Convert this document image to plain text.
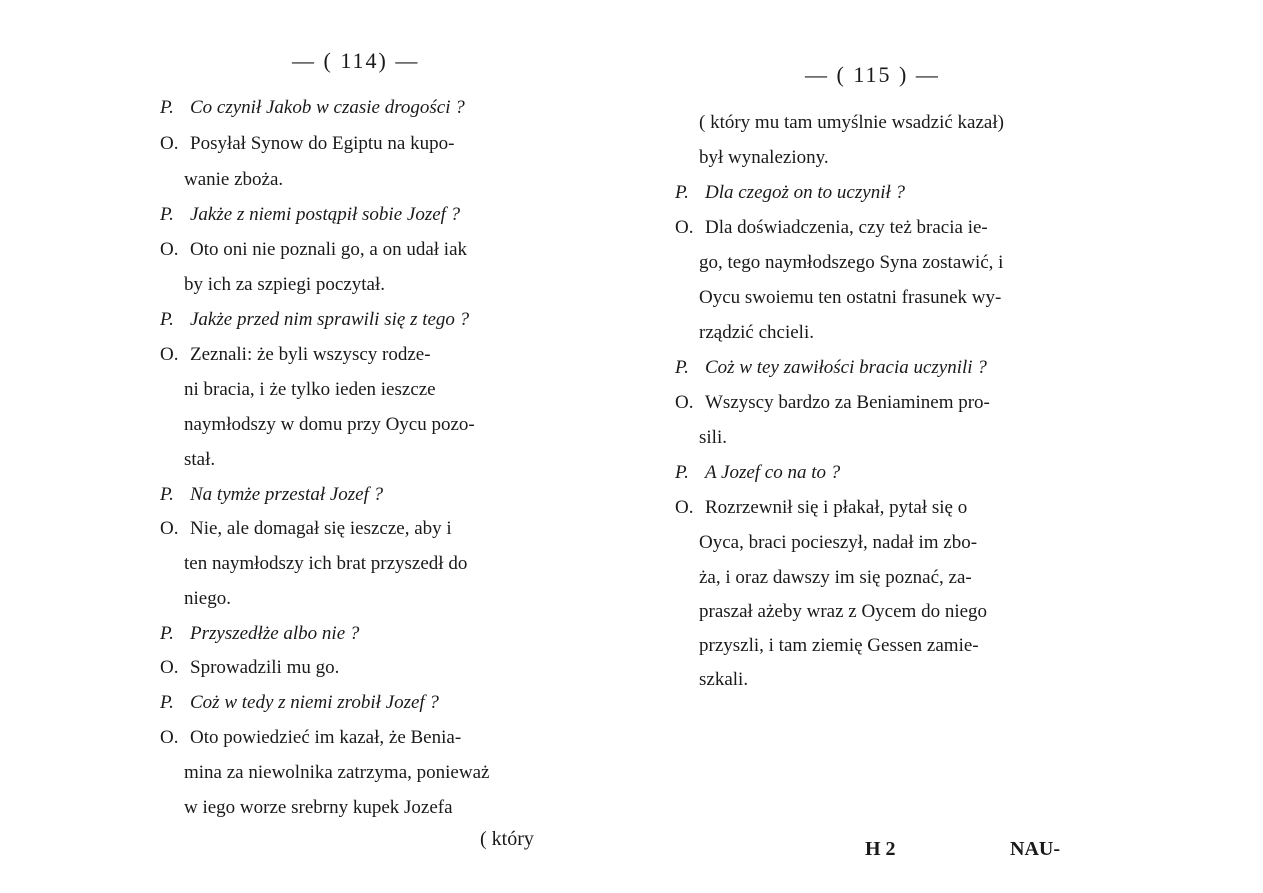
— ( 114) —
P. Co czynił Jakob w czasie drogości ?
O. Posyłał Synow do Egiptu na kupo-
wanie zboża.
P. Jakże z niemi postąpił sobie Jozef ?
O. Oto oni nie poznali go, a on udał iak
by ich za szpiegi poczytał.
P. Jakże przed nim sprawili się z tego ?
O. Zeznali: że byli wszyscy rodze-
ni bracia, i że tylko ieden ieszcze
naymłodszy w domu przy Oycu pozo-
stał.
P. Na tymże przestał Jozef ?
O. Nie, ale domagał się ieszcze, aby i
ten naymłodszy ich brat przyszedł do
niego.
P. Przyszedłże albo nie ?
O. Sprowadzili mu go.
P. Coż w tedy z niemi zrobił Jozef ?
O. Oto powiedzieć im kazał, że Benia-
mina za niewolnika zatrzyma, ponieważ
w iego worze srebrny kupek Jozefa
( który
— ( 115 ) —
( który mu tam umyślnie wsadzić kazał)
był wynaleziony.
P. Dla czegoż on to uczynił ?
O. Dla doświadczenia, czy też bracia ie-
go, tego naymłodszego Syna zostawić, i
Oycu swoiemu ten ostatni frasunek wy-
rządzić chcieli.
P. Coż w tey zawiłości bracia uczynili ?
O. Wszyscy bardzo za Beniaminem pro-
sili.
P. A Jozef co na to ?
O. Rozrzewnił się i płakał, pytał się o
Oyca, braci pocieszył, nadał im zbo-
ża, i oraz dawszy im się poznać, za-
praszał ażeby wraz z Oycem do niego
przyszli, i tam ziemię Gessen zamie-
szkali.
H 2	NAU-
